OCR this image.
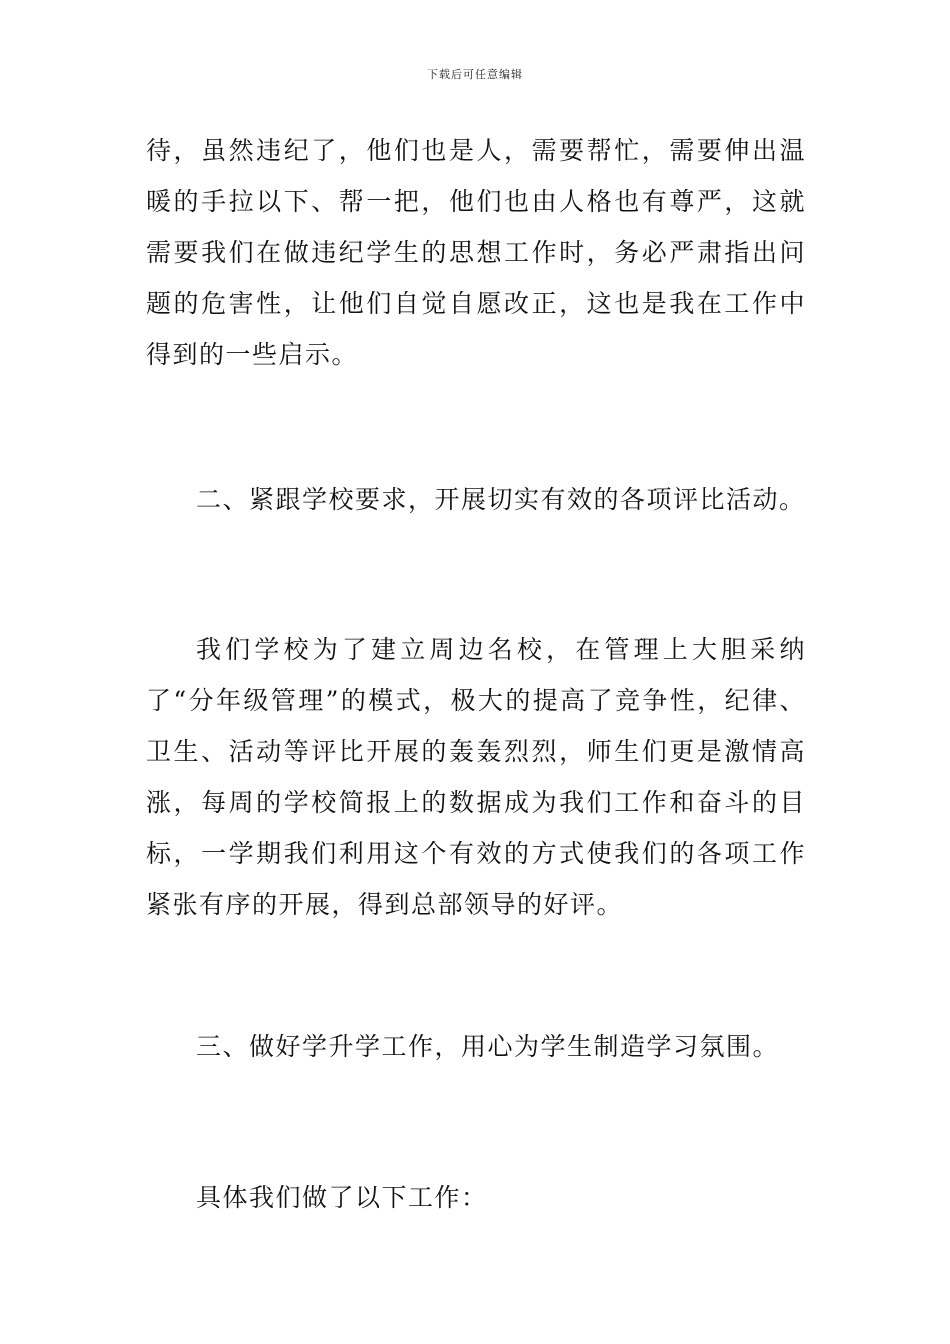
下载后可任意编辑

待，虽然违纪了，他们也是人，需要帮忙，需要伸出温暖的手拉以下、帮一把，他们也由人格也有尊严，这就需要我们在做违纪学生的思想工作时，务必严肃指出问题的危害性，让他们自觉自愿改正，这也是我在工作中得到的一些启示。

二、紧跟学校要求，开展切实有效的各项评比活动。

我们学校为了建立周边名校，在管理上大胆采纳了“分年级管理”的模式，极大的提高了竞争性，纪律、卫生、活动等评比开展的轰轰烈烈，师生们更是激情高涨，每周的学校简报上的数据成为我们工作和奋斗的目标，一学期我们利用这个有效的方式使我们的各项工作紧张有序的开展，得到总部领导的好评。

三、做好学升学工作，用心为学生制造学习氛围。

具体我们做了以下工作：
